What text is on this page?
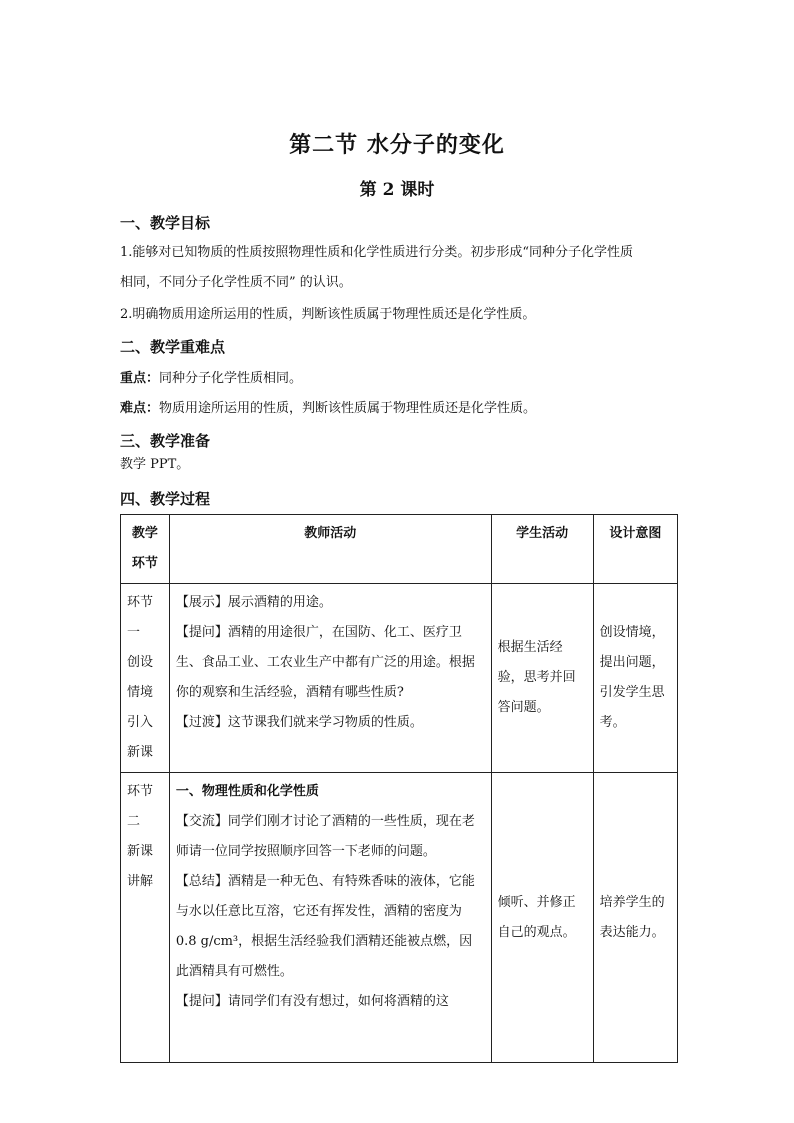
第二节 水分子的变化
第 2 课时
一、教学目标
1.能够对已知物质的性质按照物理性质和化学性质进行分类。初步形成“同种分子化学性质
相同，不同分子化学性质不同” 的认识。
2.明确物质用途所运用的性质，判断该性质属于物理性质还是化学性质。
二、教学重难点
重点：同种分子化学性质相同。
难点：物质用途所运用的性质，判断该性质属于物理性质还是化学性质。
三、教学准备
教学 PPT。
四、教学过程
教学环节	教师活动	学生活动	设计意图

环节一
创设情境
引入新课	【展示】展示酒精的用途。
【提问】酒精的用途很广，在国防、化工、医疗卫生、食品工业、工农业生产中都有广泛的用途。根据你的观察和生活经验，酒精有哪些性质?
【过渡】这节课我们就来学习物质的性质。	根据生活经验，思考并回答问题。	创设情境，提出问题，引发学生思考。

环节二
新课讲解	一、物理性质和化学性质
【交流】同学们刚才讨论了酒精的一些性质，现在老师请一位同学按照顺序回答一下老师的问题。
【总结】酒精是一种无色、有特殊香味的液体，它能与水以任意比互溶，它还有挥发性，酒精的密度为 0.8 g/cm³，根据生活经验我们酒精还能被点燃，因此酒精具有可燃性。
【提问】请同学们有没有想过，如何将酒精的这	倾听、并修正自己的观点。	培养学生的表达能力。
